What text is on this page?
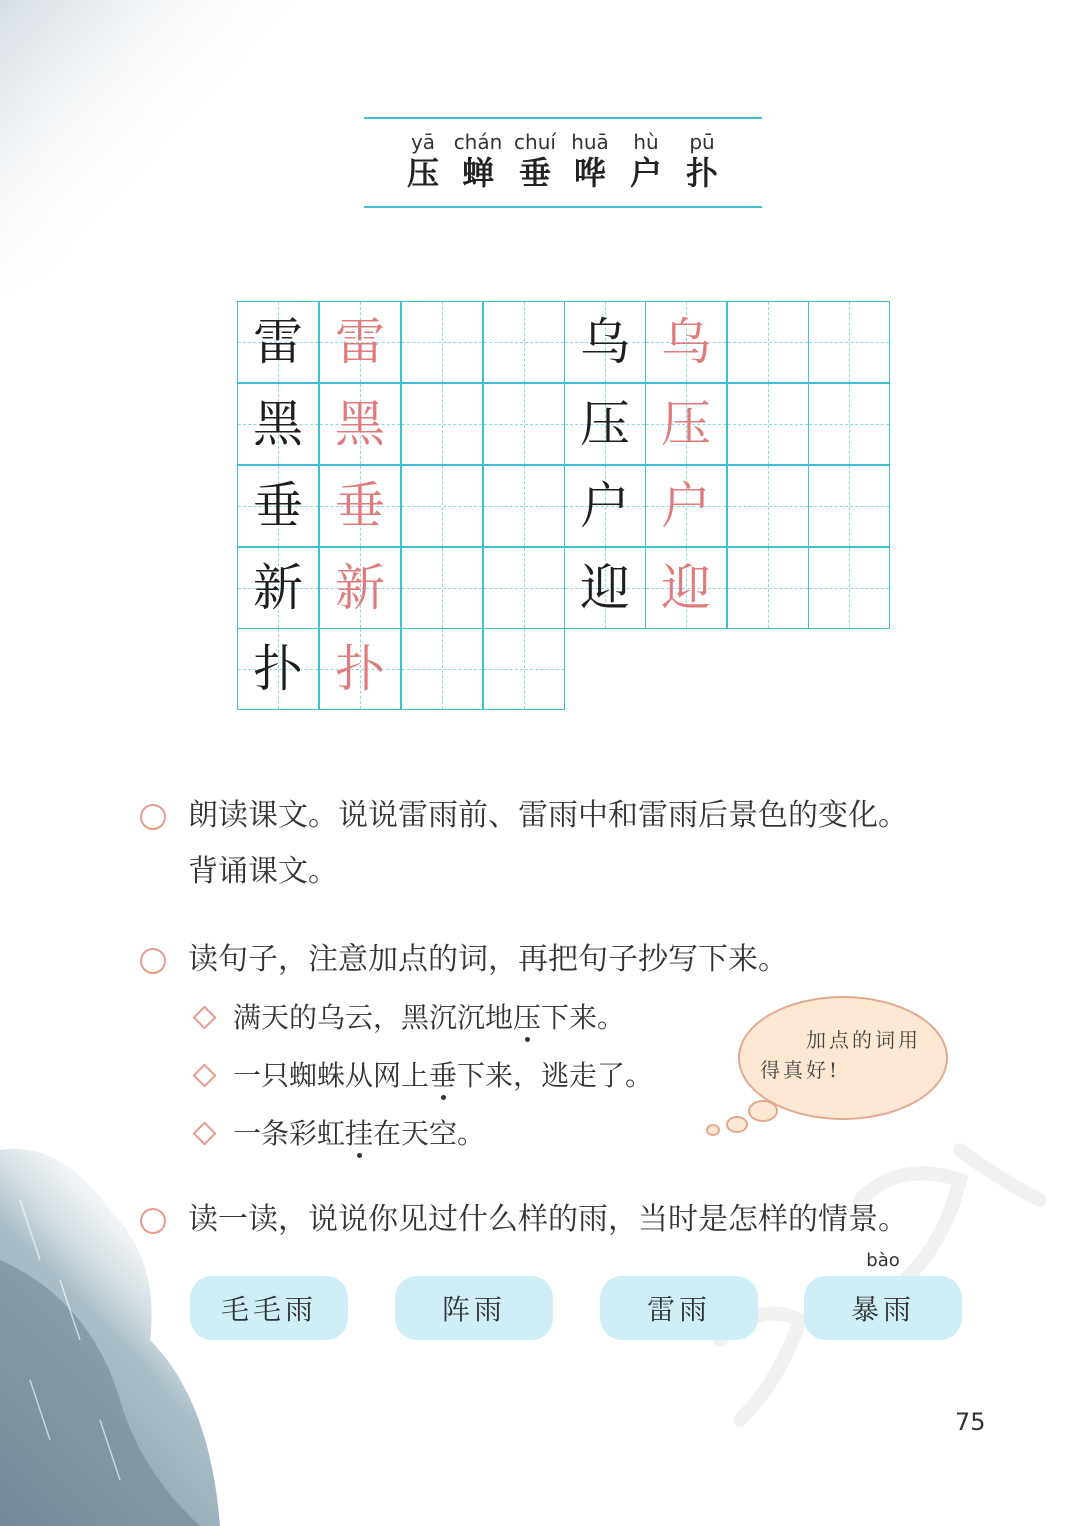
yā
压
chán
蝉
chuí
垂
huā
哗
hù
户
pū
扑
雷 雷	乌 乌
黑 黑	压 压
垂 垂	户 户
新 新	迎 迎
扑 扑
朗读课文。说说雷雨前、雷雨中和雷雨后景色的变化。
背诵课文。
读句子，注意加点的词，再把句子抄写下来。
满天的乌云，黑沉沉地压下来。
一只蜘蛛从网上垂下来，逃走了。
一条彩虹挂在天空。
加点的词用
得真好!
读一读，说说你见过什么样的雨，当时是怎样的情景。
毛毛雨	阵雨	雷雨
bào
暴雨
75
